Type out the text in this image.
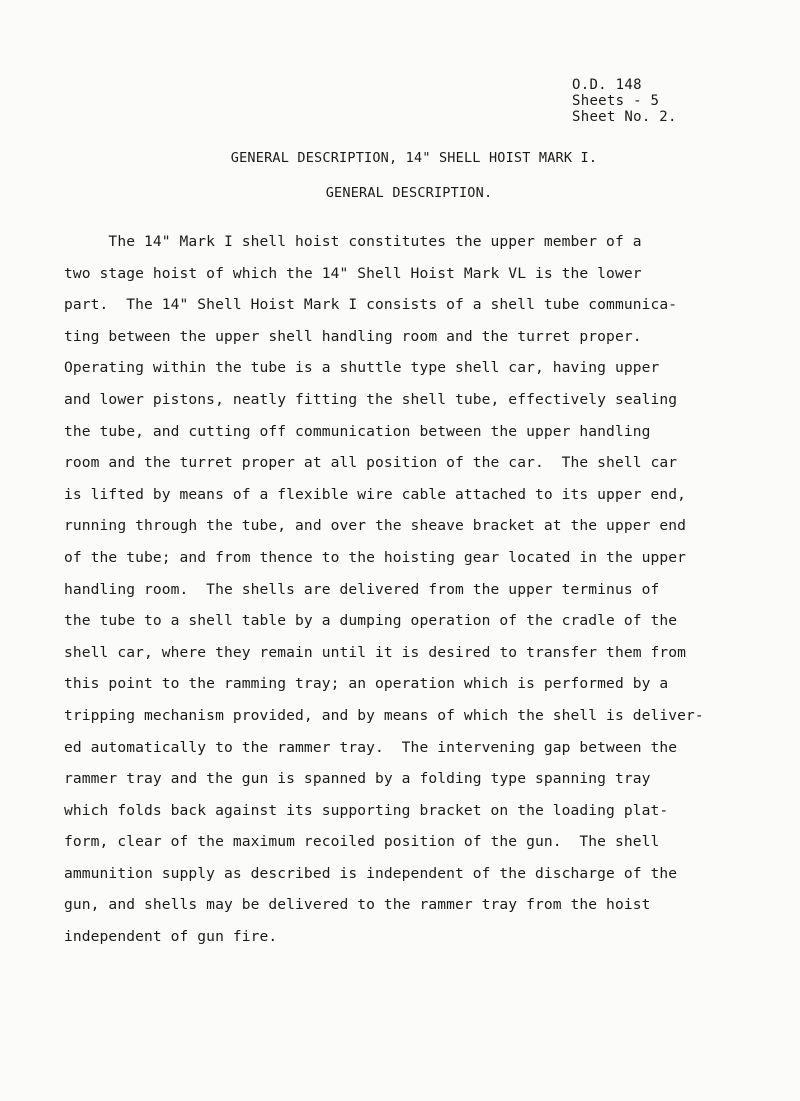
O.D. 148
Sheets - 5
Sheet No. 2.
GENERAL DESCRIPTION, 14" SHELL HOIST MARK I.
GENERAL DESCRIPTION.
The 14" Mark I shell hoist constitutes the upper member of a
two stage hoist of which the 14" Shell Hoist Mark VL is the lower
part.  The 14" Shell Hoist Mark I consists of a shell tube communica-
ting between the upper shell handling room and the turret proper.
Operating within the tube is a shuttle type shell car, having upper
and lower pistons, neatly fitting the shell tube, effectively sealing
the tube, and cutting off communication between the upper handling
room and the turret proper at all position of the car.  The shell car
is lifted by means of a flexible wire cable attached to its upper end,
running through the tube, and over the sheave bracket at the upper end
of the tube; and from thence to the hoisting gear located in the upper
handling room.  The shells are delivered from the upper terminus of
the tube to a shell table by a dumping operation of the cradle of the
shell car, where they remain until it is desired to transfer them from
this point to the ramming tray; an operation which is performed by a
tripping mechanism provided, and by means of which the shell is deliver-
ed automatically to the rammer tray.  The intervening gap between the
rammer tray and the gun is spanned by a folding type spanning tray
which folds back against its supporting bracket on the loading plat-
form, clear of the maximum recoiled position of the gun.  The shell
ammunition supply as described is independent of the discharge of the
gun, and shells may be delivered to the rammer tray from the hoist
independent of gun fire.
